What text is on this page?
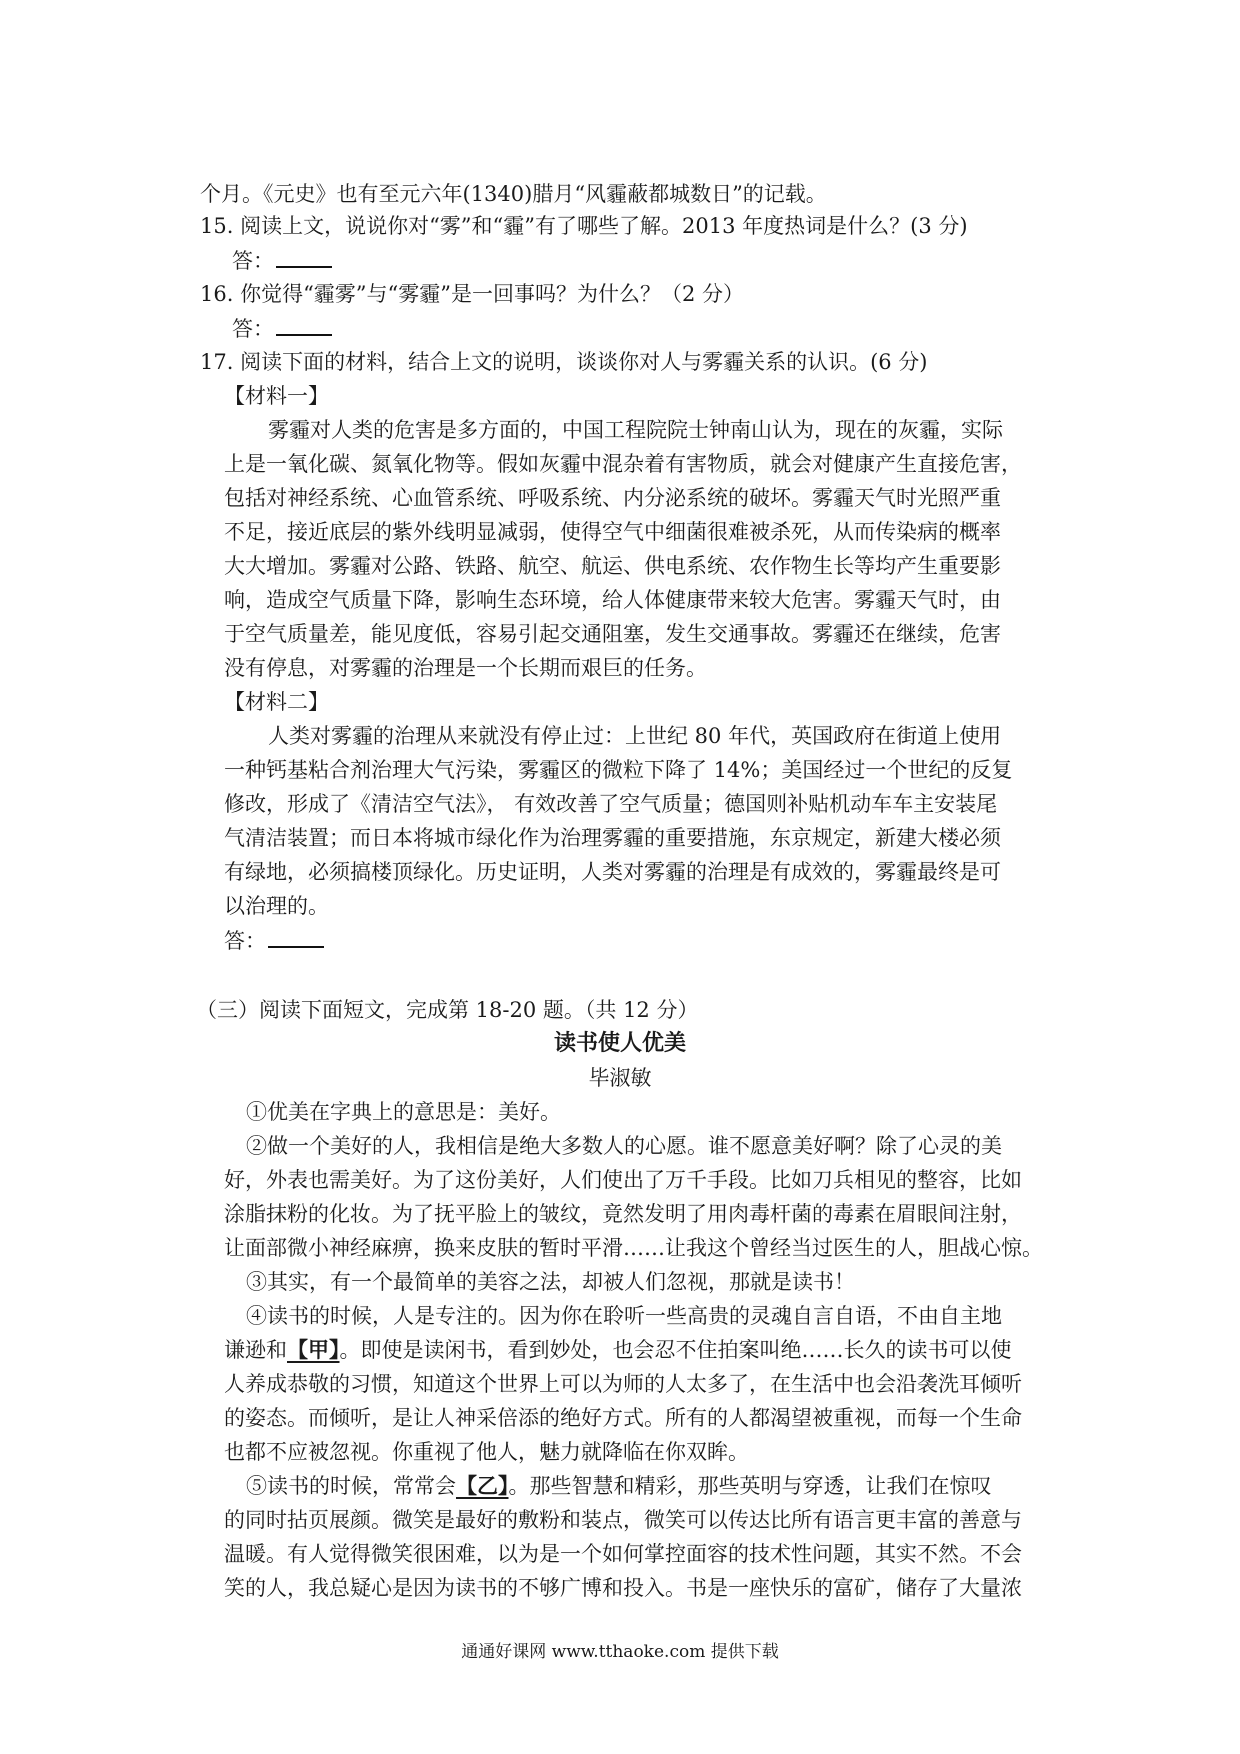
个月。《元史》也有至元六年(1340)腊月“风霾蔽都城数日”的记载。
15. 阅读上文，说说你对“雾”和“霾”有了哪些了解。2013 年度热词是什么？(3 分)
答：
16. 你觉得“霾雾”与“雾霾”是一回事吗？为什么？（2 分）
答：
17. 阅读下面的材料，结合上文的说明，谈谈你对人与雾霾关系的认识。(6 分)
【材料一】
雾霾对人类的危害是多方面的，中国工程院院士钟南山认为，现在的灰霾，实际
上是一氧化碳、氮氧化物等。假如灰霾中混杂着有害物质，就会对健康产生直接危害，
包括对神经系统、心血管系统、呼吸系统、内分泌系统的破坏。雾霾天气时光照严重
不足，接近底层的紫外线明显减弱，使得空气中细菌很难被杀死，从而传染病的概率
大大增加。雾霾对公路、铁路、航空、航运、供电系统、农作物生长等均产生重要影
响，造成空气质量下降，影响生态环境，给人体健康带来较大危害。雾霾天气时，由
于空气质量差，能见度低，容易引起交通阻塞，发生交通事故。雾霾还在继续，危害
没有停息，对雾霾的治理是一个长期而艰巨的任务。
【材料二】
人类对雾霾的治理从来就没有停止过：上世纪 80 年代，英国政府在街道上使用
一种钙基粘合剂治理大气污染，雾霾区的微粒下降了 14%；美国经过一个世纪的反复
修改，形成了《清洁空气法》， 有效改善了空气质量；德国则补贴机动车车主安装尾
气清洁装置；而日本将城市绿化作为治理雾霾的重要措施，东京规定，新建大楼必须
有绿地，必须搞楼顶绿化。历史证明，人类对雾霾的治理是有成效的，雾霾最终是可
以治理的。
答：
（三）阅读下面短文，完成第 18-20 题。（共 12 分）
读书使人优美
毕淑敏
①优美在字典上的意思是：美好。
②做一个美好的人，我相信是绝大多数人的心愿。谁不愿意美好啊？除了心灵的美
好，外表也需美好。为了这份美好，人们使出了万千手段。比如刀兵相见的整容，比如
涂脂抹粉的化妆。为了抚平脸上的皱纹，竟然发明了用肉毒杆菌的毒素在眉眼间注射，
让面部微小神经麻痹，换来皮肤的暂时平滑……让我这个曾经当过医生的人，胆战心惊。
③其实，有一个最简单的美容之法，却被人们忽视，那就是读书！
④读书的时候，人是专注的。因为你在聆听一些高贵的灵魂自言自语，不由自主地
谦逊和【甲】。即使是读闲书，看到妙处，也会忍不住拍案叫绝……长久的读书可以使
人养成恭敬的习惯，知道这个世界上可以为师的人太多了，在生活中也会沿袭洗耳倾听
的姿态。而倾听，是让人神采倍添的绝好方式。所有的人都渴望被重视，而每一个生命
也都不应被忽视。你重视了他人，魅力就降临在你双眸。
⑤读书的时候，常常会【乙】。那些智慧和精彩，那些英明与穿透，让我们在惊叹
的同时拈页展颜。微笑是最好的敷粉和装点，微笑可以传达比所有语言更丰富的善意与
温暖。有人觉得微笑很困难，以为是一个如何掌控面容的技术性问题，其实不然。不会
笑的人，我总疑心是因为读书的不够广博和投入。书是一座快乐的富矿，储存了大量浓
通通好课网 www.tthaoke.com 提供下载
